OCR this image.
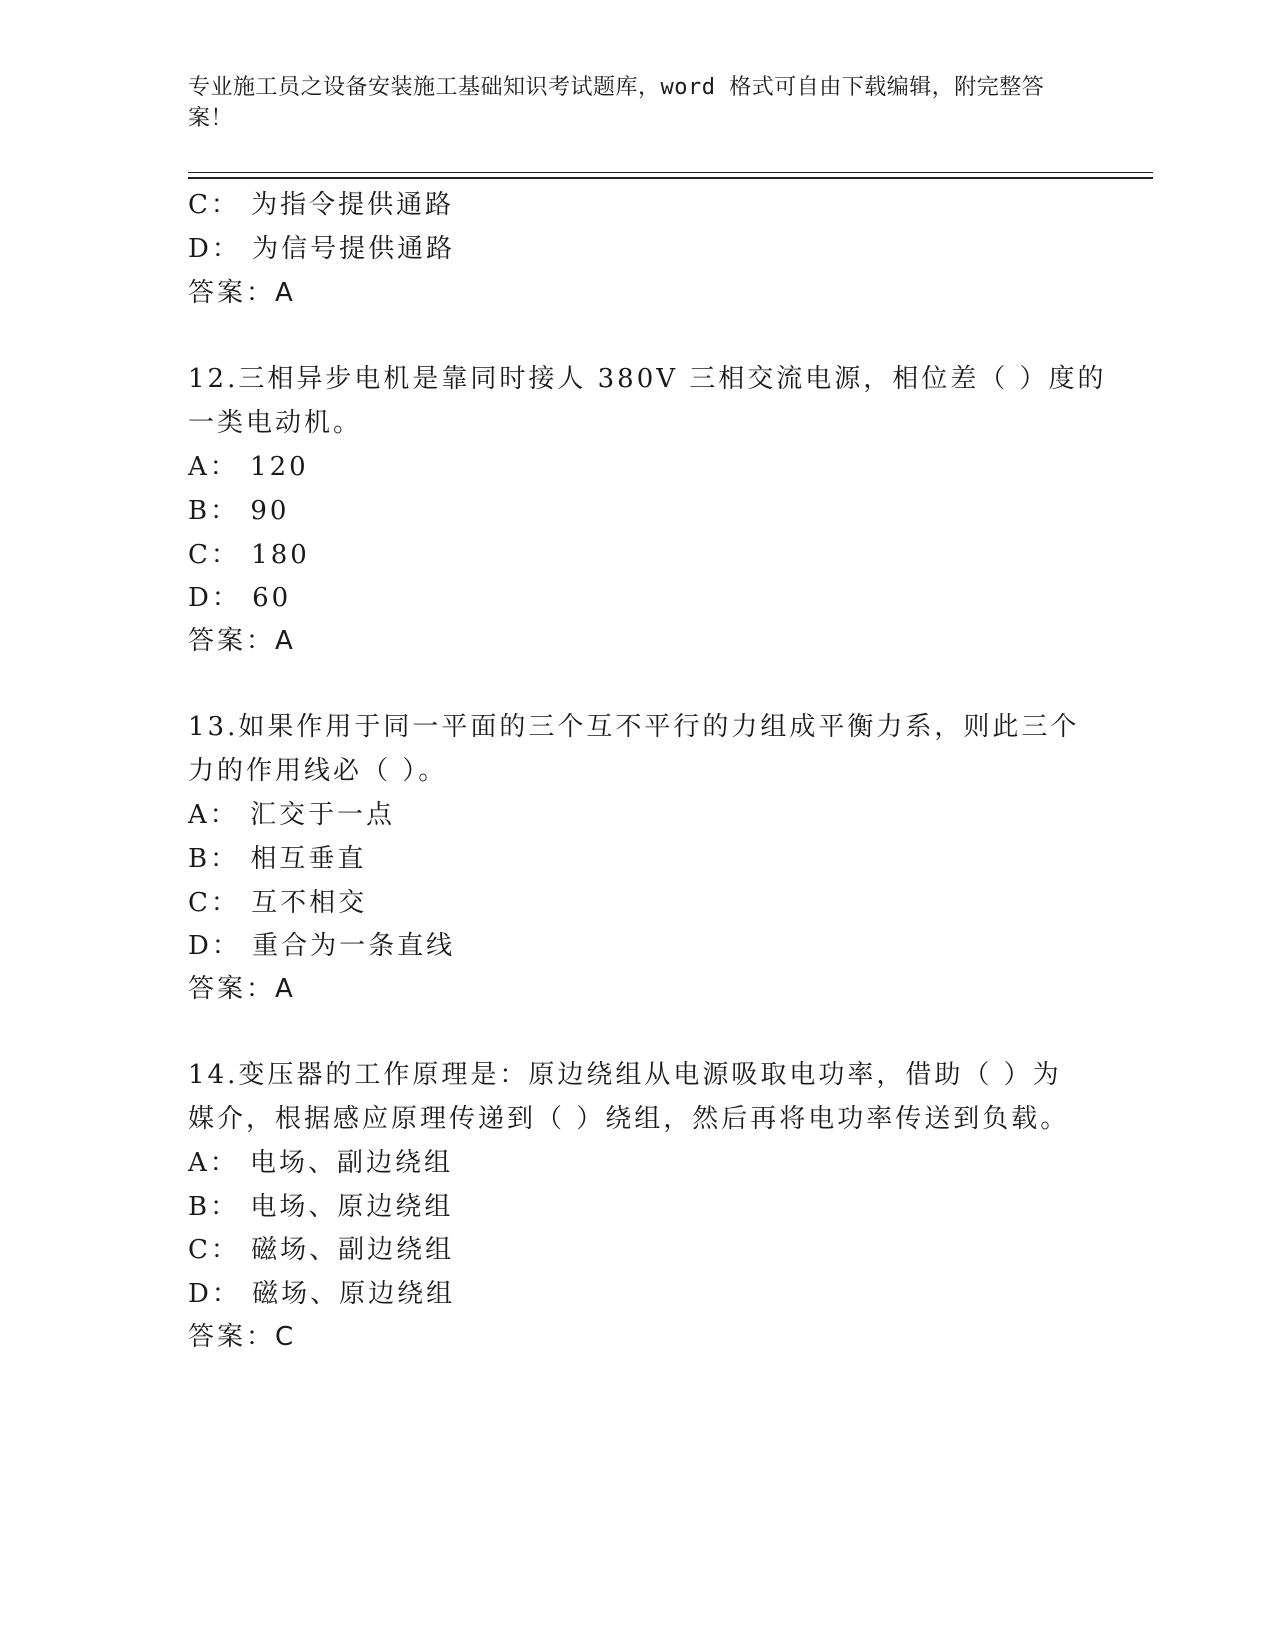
专业施工员之设备安装施工基础知识考试题库，word 格式可自由下载编辑，附完整答案！
C： 为指令提供通路
D： 为信号提供通路
答案：A
12.三相异步电机是靠同时接人 380V 三相交流电源，相位差（ ）度的
一类电动机。
A： 120
B： 90
C： 180
D： 60
答案：A
13.如果作用于同一平面的三个互不平行的力组成平衡力系，则此三个
力的作用线必（ ）。
A： 汇交于一点
B： 相互垂直
C： 互不相交
D： 重合为一条直线
答案：A
14.变压器的工作原理是：原边绕组从电源吸取电功率，借助（ ）为
媒介，根据感应原理传递到（ ）绕组，然后再将电功率传送到负载。
A： 电场、副边绕组
B： 电场、原边绕组
C： 磁场、副边绕组
D： 磁场、原边绕组
答案：C
